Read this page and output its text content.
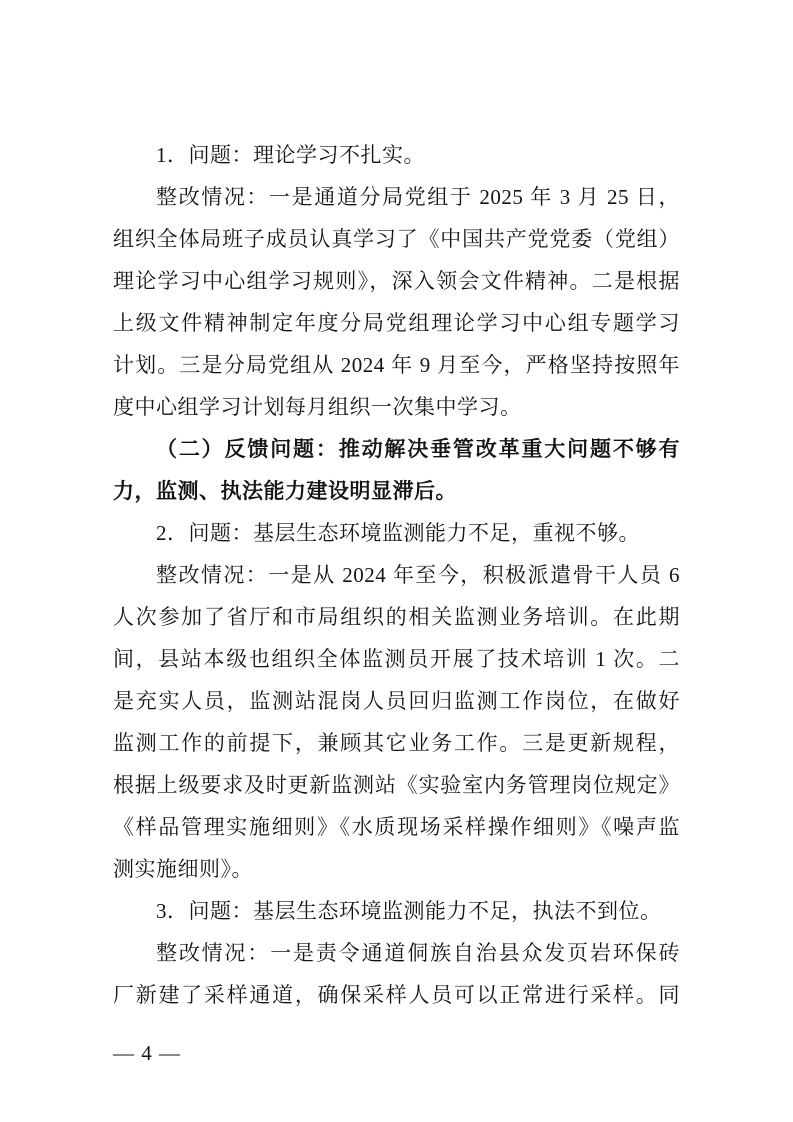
1．问题：理论学习不扎实。
整改情况：一是通道分局党组于 2025 年 3 月 25 日，
组织全体局班子成员认真学习了《中国共产党党委（党组）
理论学习中心组学习规则》，深入领会文件精神。二是根据
上级文件精神制定年度分局党组理论学习中心组专题学习
计划。三是分局党组从 2024 年 9 月至今，严格坚持按照年
度中心组学习计划每月组织一次集中学习。
（二）反馈问题：推动解决垂管改革重大问题不够有
力，监测、执法能力建设明显滞后。
2．问题：基层生态环境监测能力不足，重视不够。
整改情况：一是从 2024 年至今，积极派遣骨干人员 6
人次参加了省厅和市局组织的相关监测业务培训。在此期
间，县站本级也组织全体监测员开展了技术培训 1 次。二
是充实人员，监测站混岗人员回归监测工作岗位，在做好
监测工作的前提下，兼顾其它业务工作。三是更新规程，
根据上级要求及时更新监测站《实验室内务管理岗位规定》
《样品管理实施细则》《水质现场采样操作细则》《噪声监
测实施细则》。
3．问题：基层生态环境监测能力不足，执法不到位。
整改情况：一是责令通道侗族自治县众发页岩环保砖
厂新建了采样通道，确保采样人员可以正常进行采样。同
— 4 —
